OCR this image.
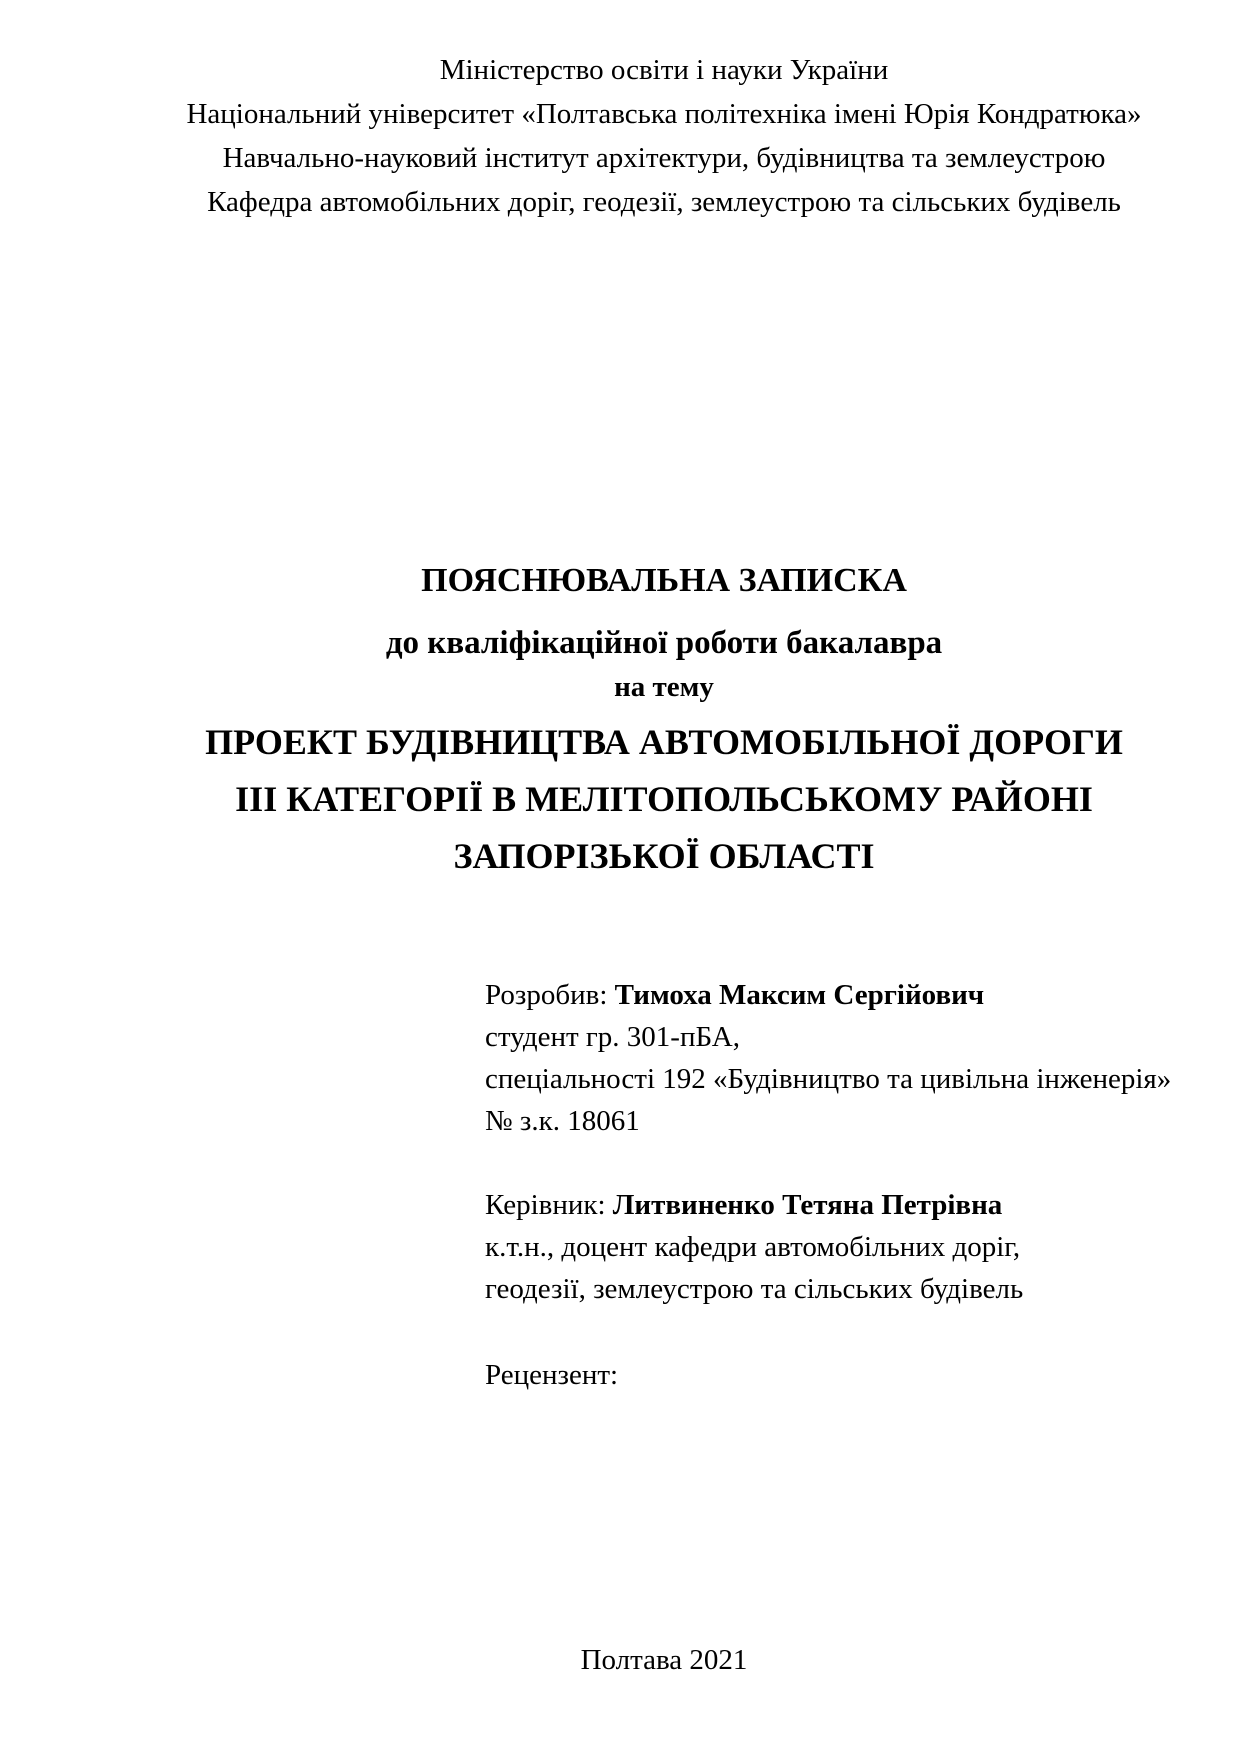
Міністерство освіти і науки України
Національний університет «Полтавська політехніка імені Юрія Кондратюка»
Навчально-науковий інститут архітектури, будівництва та землеустрою
Кафедра автомобільних доріг, геодезії, землеустрою та сільських будівель
ПОЯСНЮВАЛЬНА ЗАПИСКА
до кваліфікаційної роботи бакалавра
на тему
ПРОЕКТ БУДІВНИЦТВА АВТОМОБІЛЬНОЇ ДОРОГИ
ІІІ КАТЕГОРІЇ В МЕЛІТОПОЛЬСЬКОМУ РАЙОНІ
ЗАПОРІЗЬКОЇ ОБЛАСТІ
Розробив: Тимоха Максим Сергійович
студент гр. 301-пБА,
спеціальності 192 «Будівництво та цивільна інженерія»
№ з.к. 18061
Керівник: Литвиненко Тетяна Петрівна
к.т.н., доцент кафедри автомобільних доріг,
геодезії, землеустрою та сільських будівель
Рецензент:
Полтава 2021
